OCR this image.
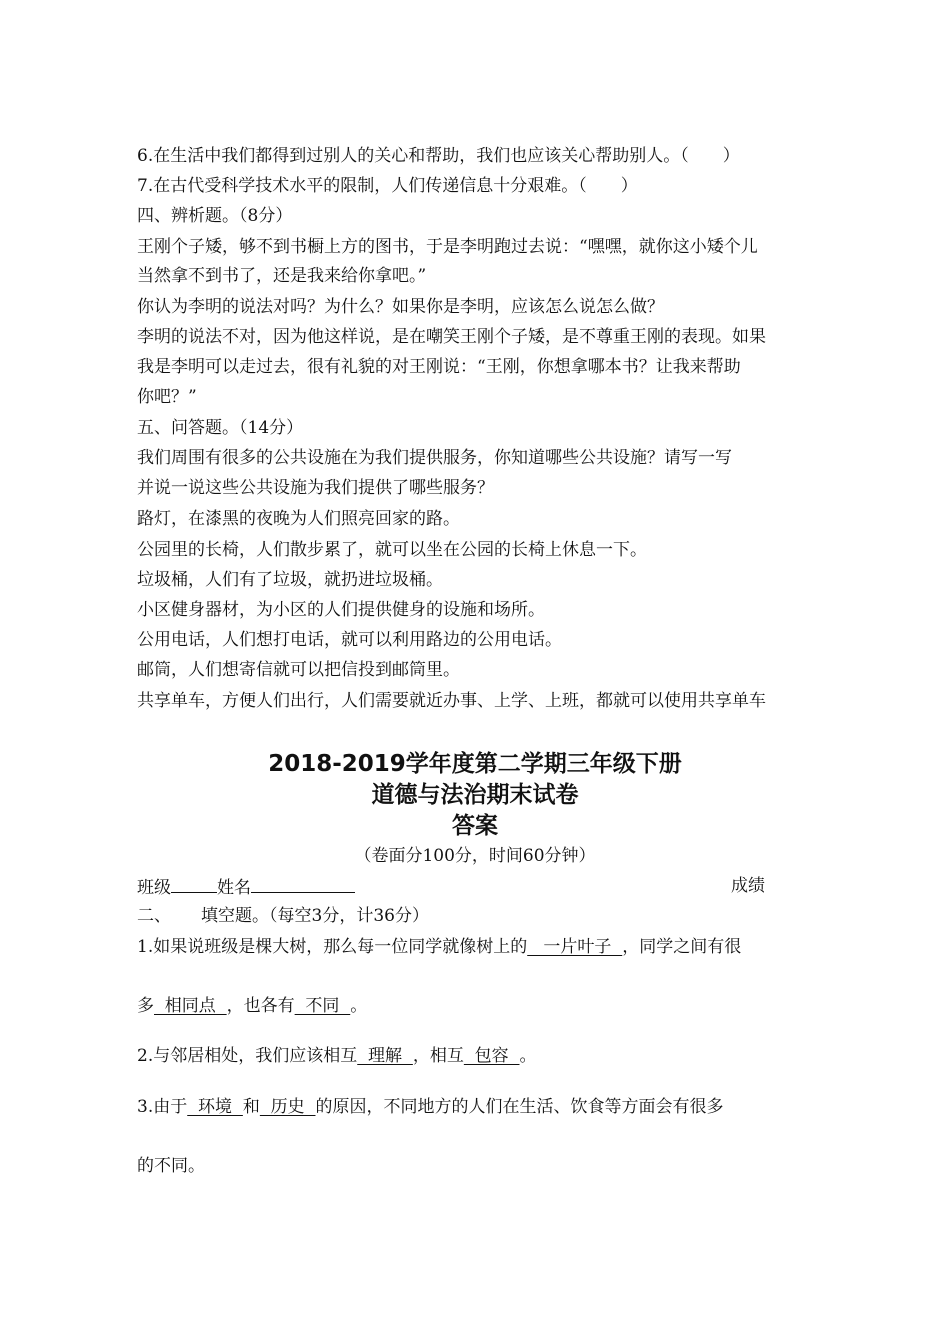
6.在生活中我们都得到过别人的关心和帮助，我们也应该关心帮助别人。（　　）
7.在古代受科学技术水平的限制，人们传递信息十分艰难。（　　）
四、辨析题。（8分）
王刚个子矮，够不到书橱上方的图书，于是李明跑过去说：“嘿嘿，就你这小矮个儿
当然拿不到书了，还是我来给你拿吧。”
你认为李明的说法对吗？为什么？如果你是李明，应该怎么说怎么做？
李明的说法不对，因为他这样说，是在嘲笑王刚个子矮，是不尊重王刚的表现。如果
我是李明可以走过去，很有礼貌的对王刚说：“王刚，你想拿哪本书？让我来帮助
你吧？”
五、问答题。（14分）
我们周围有很多的公共设施在为我们提供服务，你知道哪些公共设施？请写一写
并说一说这些公共设施为我们提供了哪些服务？
路灯，在漆黑的夜晚为人们照亮回家的路。
公园里的长椅，人们散步累了，就可以坐在公园的长椅上休息一下。
垃圾桶，人们有了垃圾，就扔进垃圾桶。
小区健身器材，为小区的人们提供健身的设施和场所。
公用电话，人们想打电话，就可以利用路边的公用电话。
邮筒，人们想寄信就可以把信投到邮筒里。
共享单车，方便人们出行，人们需要就近办事、上学、上班，都就可以使用共享单车
2018-2019学年度第二学期三年级下册
道德与法治期末试卷
答案
（卷面分100分，时间60分钟）
班级	姓名	成绩
二、 填空题。（每空3分，计36分）
1.如果说班级是棵大树，那么每一位同学就像树上的   一片叶子  ，同学之间有很
多  相同点  ，也各有  不同  。
2.与邻居相处，我们应该相互  理解  ，相互  包容  。
3.由于  环境  和  历史  的原因，不同地方的人们在生活、饮食等方面会有很多
的不同。
